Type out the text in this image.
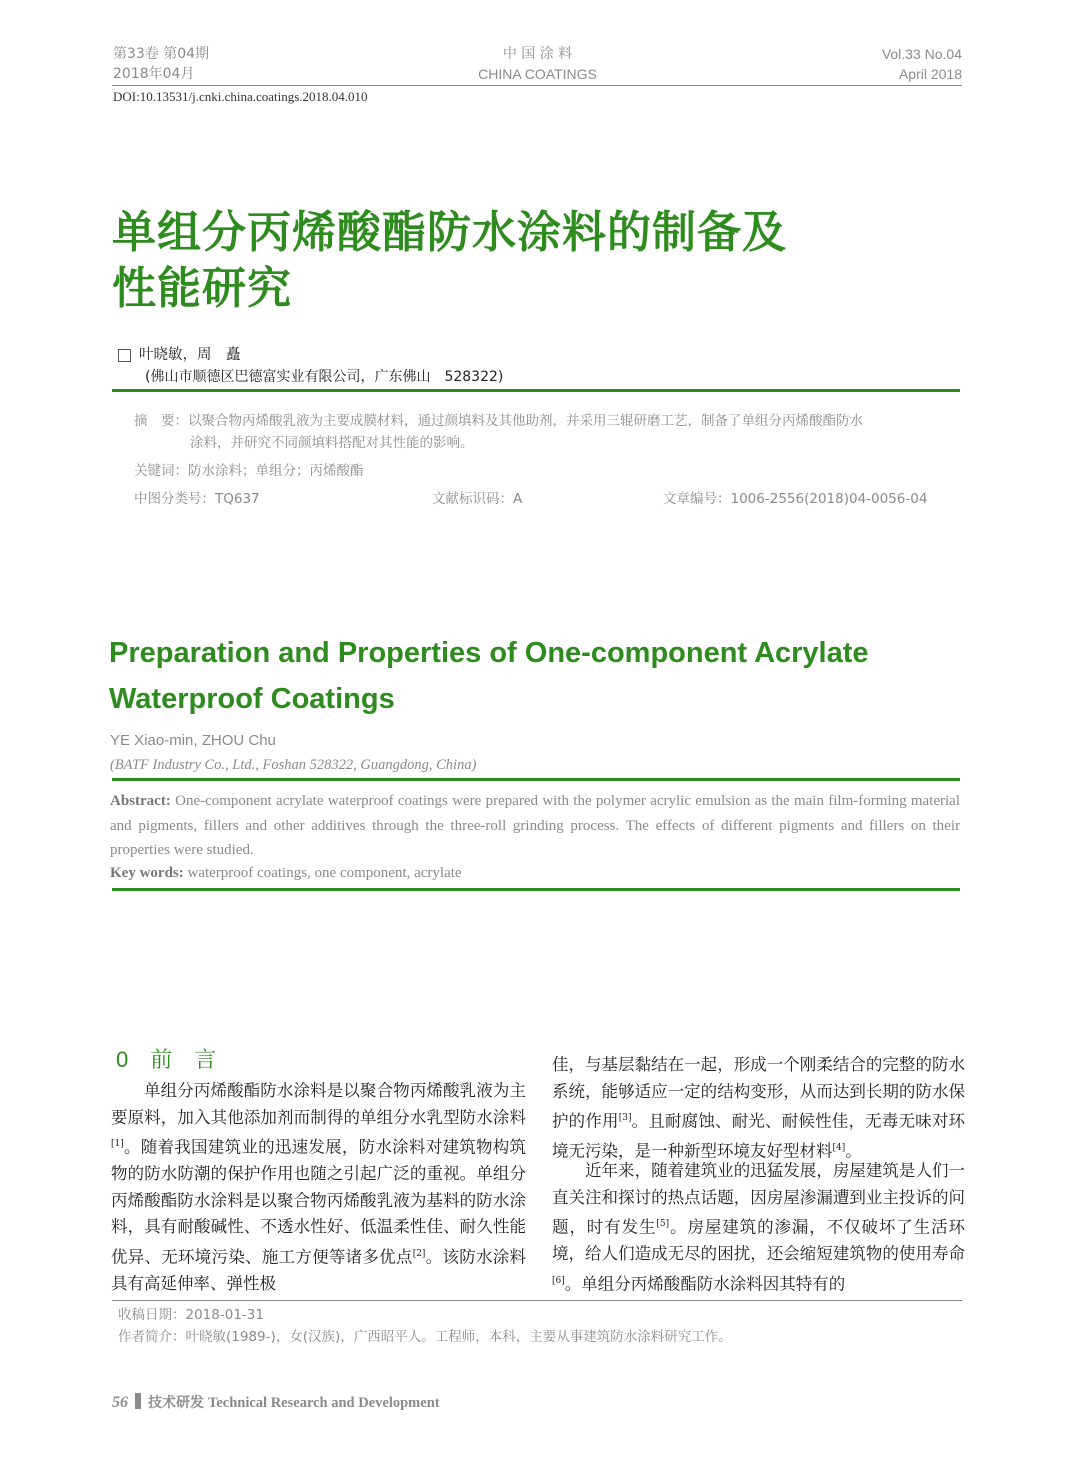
第33卷 第04期
2018年04月
中 国 涂 料
CHINA COATINGS
Vol.33 No.04
April 2018
DOI:10.13531/j.cnki.china.coatings.2018.04.010
单组分丙烯酸酯防水涂料的制备及
性能研究
叶晓敏，周　矗
(佛山市顺德区巴德富实业有限公司，广东佛山　528322)
摘　要：以聚合物丙烯酸乳液为主要成膜材料，通过颜填料及其他助剂，并采用三辊研磨工艺，制备了单组分丙烯酸酯防水
涂料，并研究不同颜填料搭配对其性能的影响。
关键词：防水涂料；单组分；丙烯酸酯
中图分类号：TQ637	文献标识码：A	文章编号：1006-2556(2018)04-0056-04
Preparation and Properties of One-component Acrylate
Waterproof Coatings
YE Xiao-min, ZHOU Chu
(BATF Industry Co., Ltd., Foshan 528322, Guangdong, China)
Abstract: One-component acrylate waterproof coatings were prepared with the polymer acrylic emulsion as the main film-forming material and pigments, fillers and other additives through the three-roll grinding process. The effects of different pigments and fillers on their properties were studied.
Key words: waterproof coatings, one component, acrylate
0 前　言
单组分丙烯酸酯防水涂料是以聚合物丙烯酸乳液为主要原料，加入其他添加剂而制得的单组分水乳型防水涂料[1]。随着我国建筑业的迅速发展，防水涂料对建筑物构筑物的防水防潮的保护作用也随之引起广泛的重视。单组分丙烯酸酯防水涂料是以聚合物丙烯酸乳液为基料的防水涂料，具有耐酸碱性、不透水性好、低温柔性佳、耐久性能优异、无环境污染、施工方便等诸多优点[2]。该防水涂料具有高延伸率、弹性极
佳，与基层黏结在一起，形成一个刚柔结合的完整的防水系统，能够适应一定的结构变形，从而达到长期的防水保护的作用[3]。且耐腐蚀、耐光、耐候性佳，无毒无味对环境无污染，是一种新型环境友好型材料[4]。
近年来，随着建筑业的迅猛发展，房屋建筑是人们一直关注和探讨的热点话题，因房屋渗漏遭到业主投诉的问题，时有发生[5]。房屋建筑的渗漏，不仅破坏了生活环境，给人们造成无尽的困扰，还会缩短建筑物的使用寿命[6]。单组分丙烯酸酯防水涂料因其特有的
收稿日期：2018-01-31
作者简介：叶晓敏(1989-)，女(汉族)，广西昭平人。工程师，本科，主要从事建筑防水涂料研究工作。
56 技术研发 Technical Research and Development
